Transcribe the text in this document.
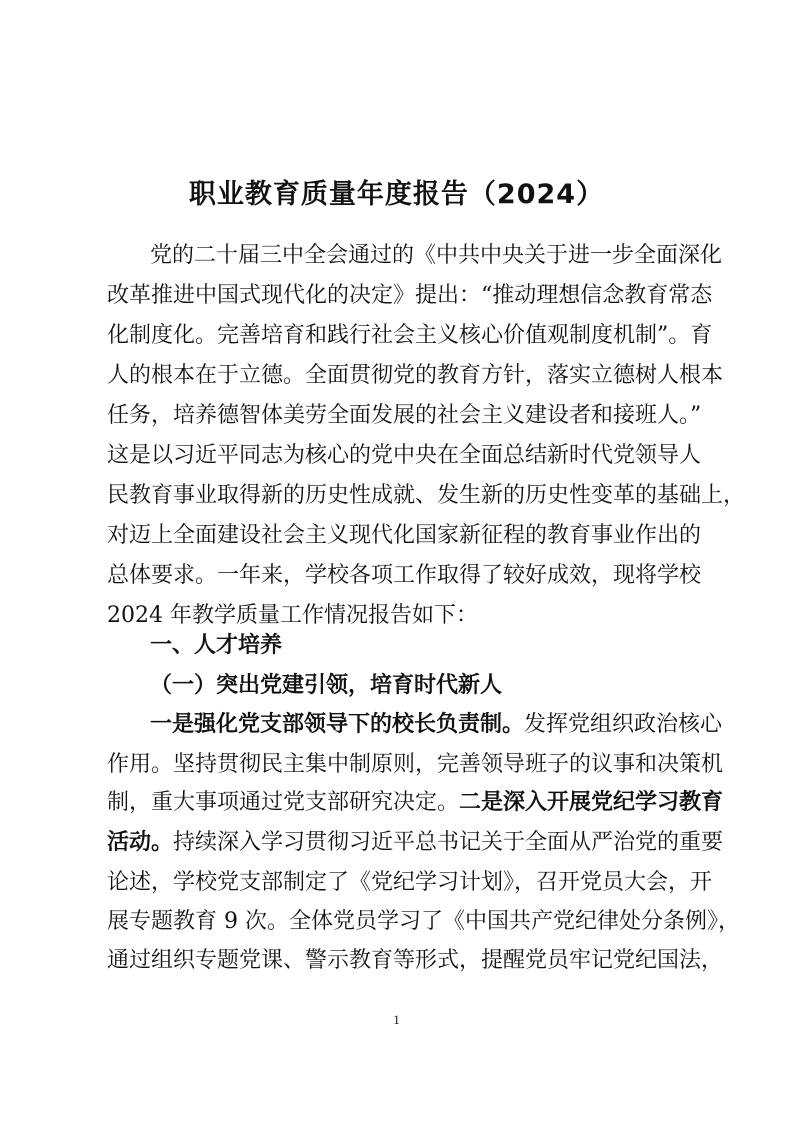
职业教育质量年度报告（2024）
党的二十届三中全会通过的《中共中央关于进一步全面深化
改革推进中国式现代化的决定》提出：“推动理想信念教育常态
化制度化。完善培育和践行社会主义核心价值观制度机制”。育
人的根本在于立德。全面贯彻党的教育方针，落实立德树人根本
任务，培养德智体美劳全面发展的社会主义建设者和接班人。”
这是以习近平同志为核心的党中央在全面总结新时代党领导人
民教育事业取得新的历史性成就、发生新的历史性变革的基础上，
对迈上全面建设社会主义现代化国家新征程的教育事业作出的
总体要求。一年来，学校各项工作取得了较好成效，现将学校
2024 年教学质量工作情况报告如下：
一、人才培养
（一）突出党建引领，培育时代新人
一是强化党支部领导下的校长负责制。发挥党组织政治核心
作用。坚持贯彻民主集中制原则，完善领导班子的议事和决策机
制，重大事项通过党支部研究决定。二是深入开展党纪学习教育
活动。持续深入学习贯彻习近平总书记关于全面从严治党的重要
论述，学校党支部制定了《党纪学习计划》，召开党员大会，开
展专题教育 9 次。全体党员学习了《中国共产党纪律处分条例》，
通过组织专题党课、警示教育等形式，提醒党员牢记党纪国法，
1
